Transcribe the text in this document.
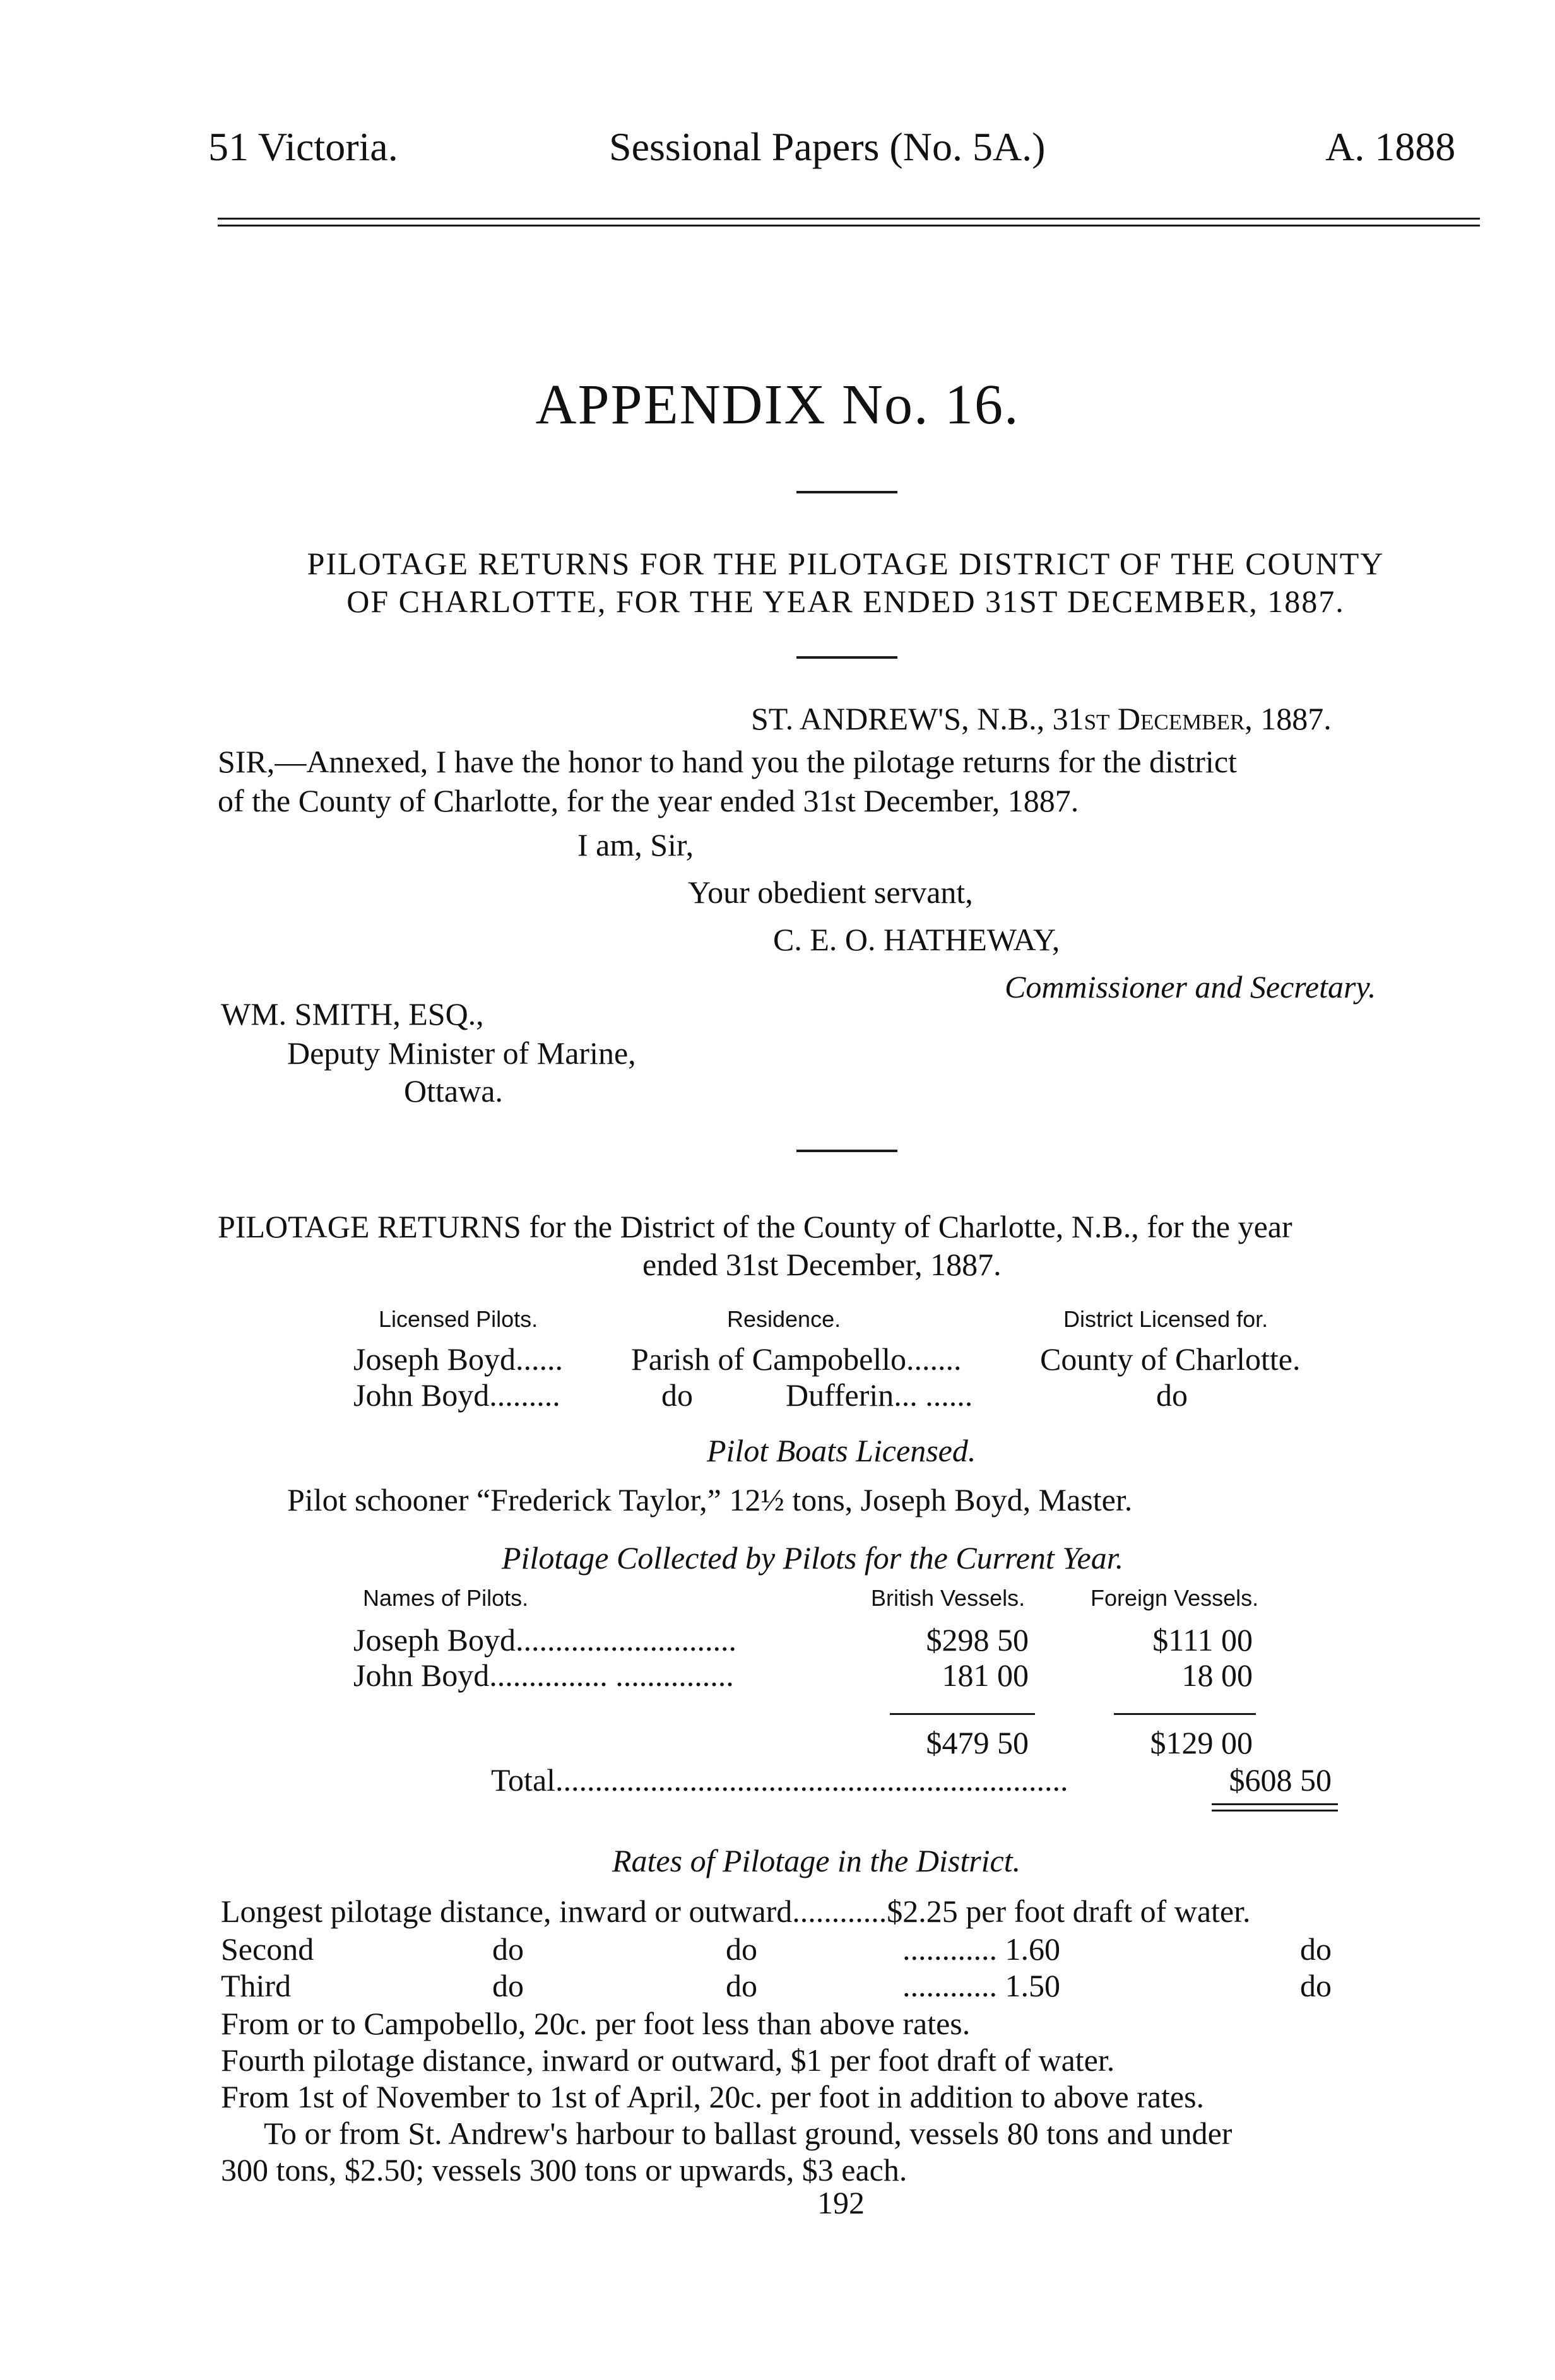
51 Victoria.	Sessional Papers (No. 5A.)	A. 1888
APPENDIX No. 16.
PILOTAGE RETURNS FOR THE PILOTAGE DISTRICT OF THE COUNTY
OF CHARLOTTE, FOR THE YEAR ENDED 31ST DECEMBER, 1887.
ST. ANDREW'S, N.B., 31st December, 1887.
SIR,—Annexed, I have the honor to hand you the pilotage returns for the district
of the County of Charlotte, for the year ended 31st December, 1887.
I am, Sir,
Your obedient servant,
C. E. O. HATHEWAY,
Commissioner and Secretary.
WM. SMITH, ESQ.,
Deputy Minister of Marine,
Ottawa.
PILOTAGE RETURNS for the District of the County of Charlotte, N.B., for the year
ended 31st December, 1887.
Licensed Pilots.	Residence.	District Licensed for.
Joseph Boyd...... Parish of Campobello....... County of Charlotte.
John Boyd.........	do	Dufferin... ......	do
Pilot Boats Licensed.
Pilot schooner “Frederick Taylor,” 12½ tons, Joseph Boyd, Master.
Pilotage Collected by Pilots for the Current Year.
Names of Pilots.	British Vessels.	Foreign Vessels.
Joseph Boyd............................	$298 50	$111 00
John Boyd............... ...............	181 00	18 00
$479 50	$129 00
Total.................................................................	$608 50
Rates of Pilotage in the District.
Longest pilotage distance, inward or outward............$2.25 per foot draft of water.
Second	do	do	............ 1.60	do
Third	do	do	............ 1.50	do
From or to Campobello, 20c. per foot less than above rates.
Fourth pilotage distance, inward or outward, $1 per foot draft of water.
From 1st of November to 1st of April, 20c. per foot in addition to above rates.
To or from St. Andrew's harbour to ballast ground, vessels 80 tons and under
300 tons, $2.50; vessels 300 tons or upwards, $3 each.
192
